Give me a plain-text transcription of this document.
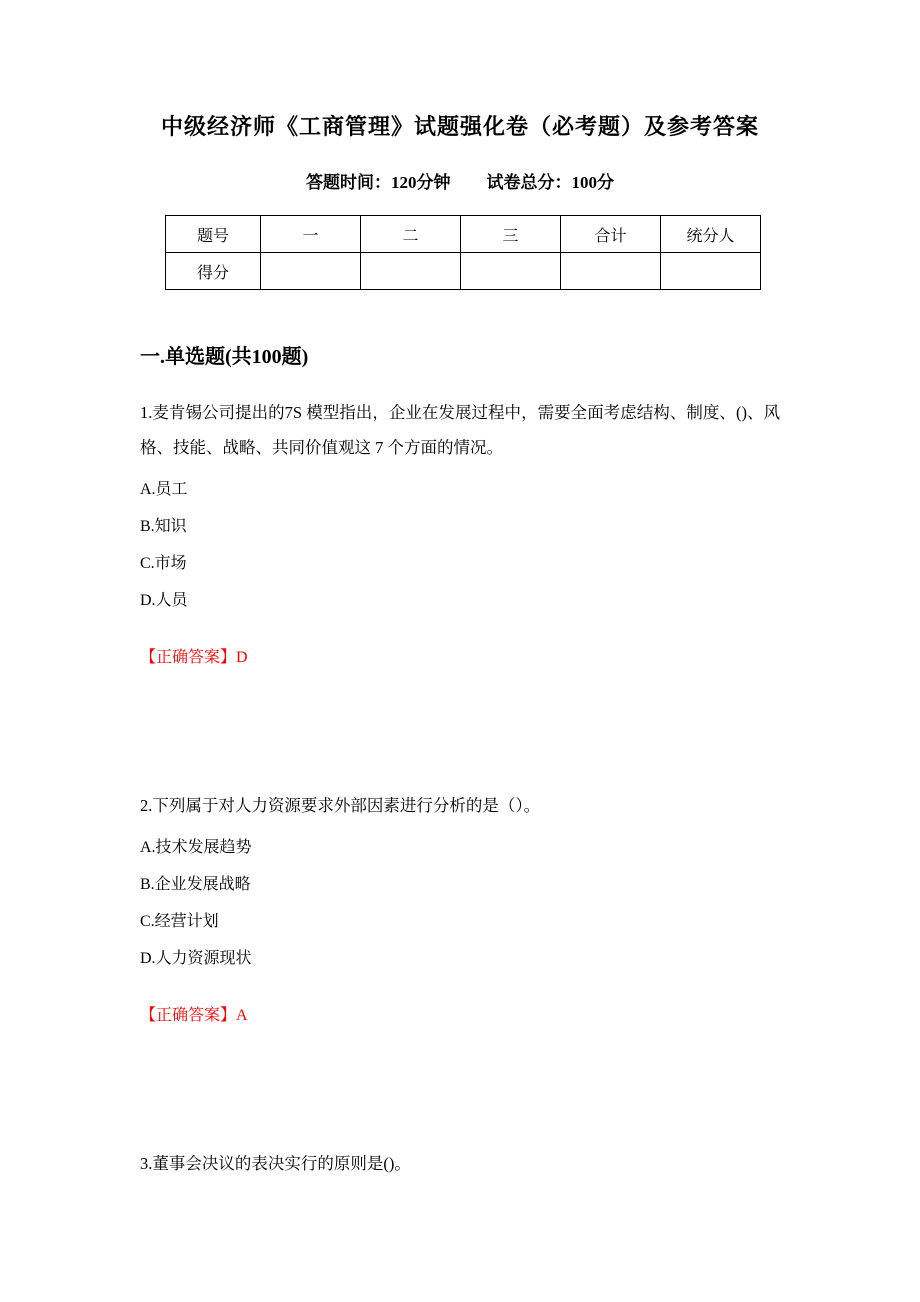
中级经济师《工商管理》试题强化卷（必考题）及参考答案
答题时间：120分钟 试卷总分：100分
题号	一	二	三	合计	统分人
得分					
一.单选题(共100题)

1.麦肯锡公司提出的7S 模型指出，企业在发展过程中，需要全面考虑结构、制度、()、风格、技能、战略、共同价值观这 7 个方面的情况。

A.员工

B.知识

C.市场

D.人员

【正确答案】D

2.下列属于对人力资源要求外部因素进行分析的是（）。

A.技术发展趋势

B.企业发展战略

C.经营计划

D.人力资源现状

【正确答案】A

3.董事会决议的表决实行的原则是()。
